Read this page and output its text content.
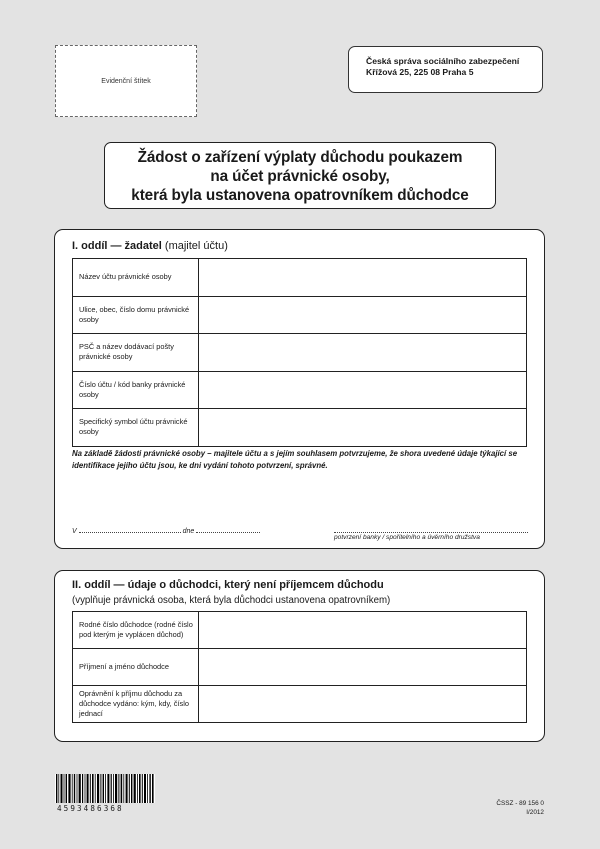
Evidenční štítek
Česká správa sociálního zabezpečení
Křížová 25, 225 08 Praha 5
Žádost o zařízení výplaty důchodu poukazem
na účet právnické osoby,
která byla ustanovena opatrovníkem důchodce
I. oddíl — žadatel (majitel účtu)
Název účtu právnické osoby	
Ulice, obec, číslo domu právnické osoby	
PSČ a název dodávací pošty právnické osoby	
Číslo účtu / kód banky právnické osoby	
Specifický symbol účtu právnické osoby	
Na základě žádosti právnické osoby – majitele účtu a s jejím souhlasem potvrzujeme, že shora uvedené údaje týkající se identifikace jejího účtu jsou, ke dni vydání tohoto potvrzení, správné.
V	dne
potvrzení banky / spořitelního a úvěrního družstva
II. oddíl — údaje o důchodci, který není příjemcem důchodu
(vyplňuje právnická osoba, která byla důchodci ustanovena opatrovníkem)
Rodné číslo důchodce (rodné číslo pod kterým je vyplácen důchod)	
Příjmení a jméno důchodce	
Oprávnění k příjmu důchodu za důchodce vydáno: kým, kdy, číslo jednací	
4593486368
ČSSZ - 89 156 0
I/2012
